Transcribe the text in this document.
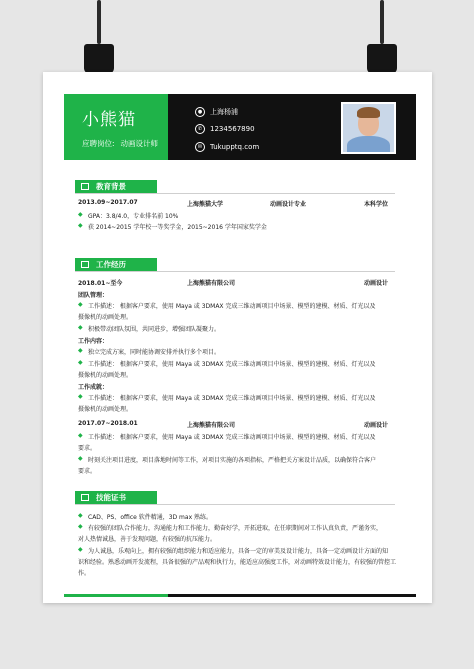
小熊猫
应聘岗位: 动画设计师
●	上海杨浦
✆	1234567890
✉	Tukupptq.com
教育背景
2013.09~2017.07	上海熊猫大学	动画设计专业	本科学位
◆ GPA：3.8/4.0，专业排名前 10%
◆ 获 2014~2015 学年校一等奖学金，2015~2016 学年国家奖学金
工作经历
2018.01~至今	上海熊猫有限公司	动画设计
团队管理：
◆ 工作描述： 根据客户要求，使用 Maya 或 3DMAX 完成三维动画项目中场景、模型的建模、材质、灯光以及
摄像机的动画处理。
◆ 积极带动团队氛围，共同进步，增强团队凝聚力。
工作内容：
◆ 独立完成方案，同时能协调安排并执行多个项目。
◆ 工作描述： 根据客户要求，使用 Maya 或 3DMAX 完成三维动画项目中场景、模型的建模、材质、灯光以及
摄像机的动画处理。
工作成就：
◆ 工作描述： 根据客户要求，使用 Maya 或 3DMAX 完成三维动画项目中场景、模型的建模、材质、灯光以及
摄像机的动画处理。
2017.07~2018.01	上海熊猫有限公司	动画设计
◆ 工作描述： 根据客户要求，使用 Maya 或 3DMAX 完成三维动画项目中场景、模型的建模、材质、灯光以及
要求。
◆ 时刻关注项目进度，项目落地时间等工作，对项目实施的各项指标，严格把关方案设计品质，以确保符合客户
要求。
技能证书
◆ CAD、PS、office 软件精通，3D max 熟练。
◆ 有较强的团队合作能力，沟通能力和工作能力，勤奋好学，开拓进取，在任职期间对工作认真负责，严谨务实，
对人热情诚恳，善于发现问题，有较强的抗压能力。
◆ 为人诚恳，乐观向上，拥有较强的组织能力和适应能力，具备一定的审美及设计能力，具备一定动画设计方面的知
识和经验。熟悉动画开发流程，具备很强的产品观和执行力，能适应高强度工作，对动画特效设计能力，有较强的管控工
作。
